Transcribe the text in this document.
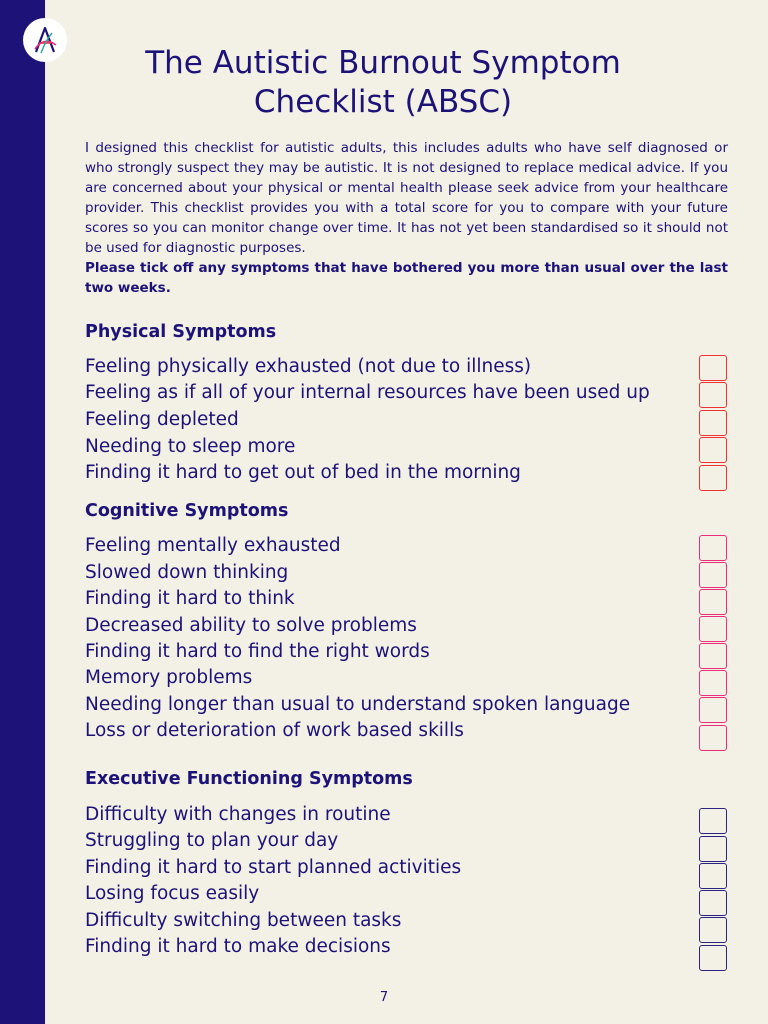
The Autistic Burnout Symptom Checklist (ABSC)

I designed this checklist for autistic adults, this includes adults who have self diagnosed or who strongly suspect they may be autistic. It is not designed to replace medical advice. If you are concerned about your physical or mental health please seek advice from your healthcare provider. This checklist provides you with a total score for you to compare with your future scores so you can monitor change over time. It has not yet been standardised so it should not be used for diagnostic purposes.
Please tick off any symptoms that have bothered you more than usual over the last two weeks.

Physical Symptoms
Feeling physically exhausted (not due to illness)
Feeling as if all of your internal resources have been used up
Feeling depleted
Needing to sleep more
Finding it hard to get out of bed in the morning
Cognitive Symptoms
Feeling mentally exhausted
Slowed down thinking
Finding it hard to think
Decreased ability to solve problems
Finding it hard to find the right words
Memory problems
Needing longer than usual to understand spoken language
Loss or deterioration of work based skills
Executive Functioning Symptoms
Difficulty with changes in routine
Struggling to plan your day
Finding it hard to start planned activities
Losing focus easily
Difficulty switching between tasks
Finding it hard to make decisions
7
